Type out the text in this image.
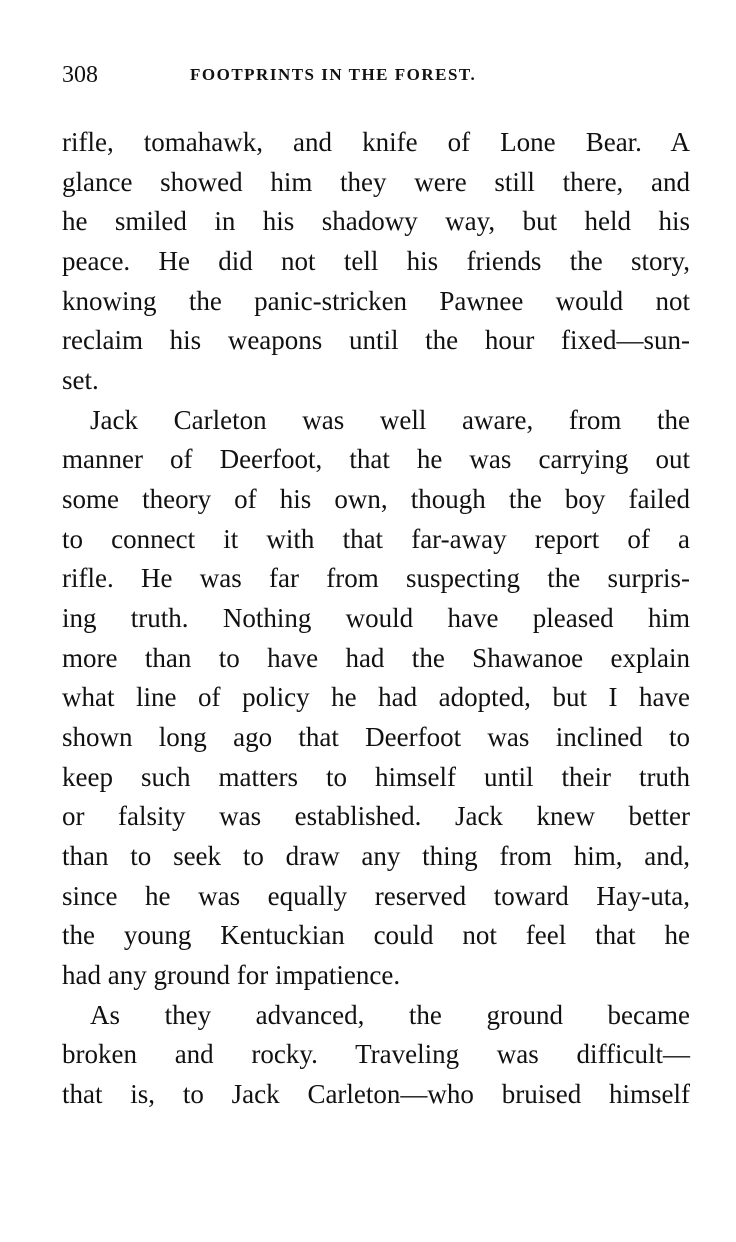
308	FOOTPRINTS IN THE FOREST.
rifle, tomahawk, and knife of Lone Bear. A
glance showed him they were still there, and
he smiled in his shadowy way, but held his
peace. He did not tell his friends the story,
knowing the panic-stricken Pawnee would not
reclaim his weapons until the hour fixed—sun-
set.
Jack Carleton was well aware, from the
manner of Deerfoot, that he was carrying out
some theory of his own, though the boy failed
to connect it with that far-away report of a
rifle. He was far from suspecting the surpris-
ing truth. Nothing would have pleased him
more than to have had the Shawanoe explain
what line of policy he had adopted, but I have
shown long ago that Deerfoot was inclined to
keep such matters to himself until their truth
or falsity was established. Jack knew better
than to seek to draw any thing from him, and,
since he was equally reserved toward Hay-uta,
the young Kentuckian could not feel that he
had any ground for impatience.
As they advanced, the ground became
broken and rocky. Traveling was difficult—
that is, to Jack Carleton—who bruised himself
